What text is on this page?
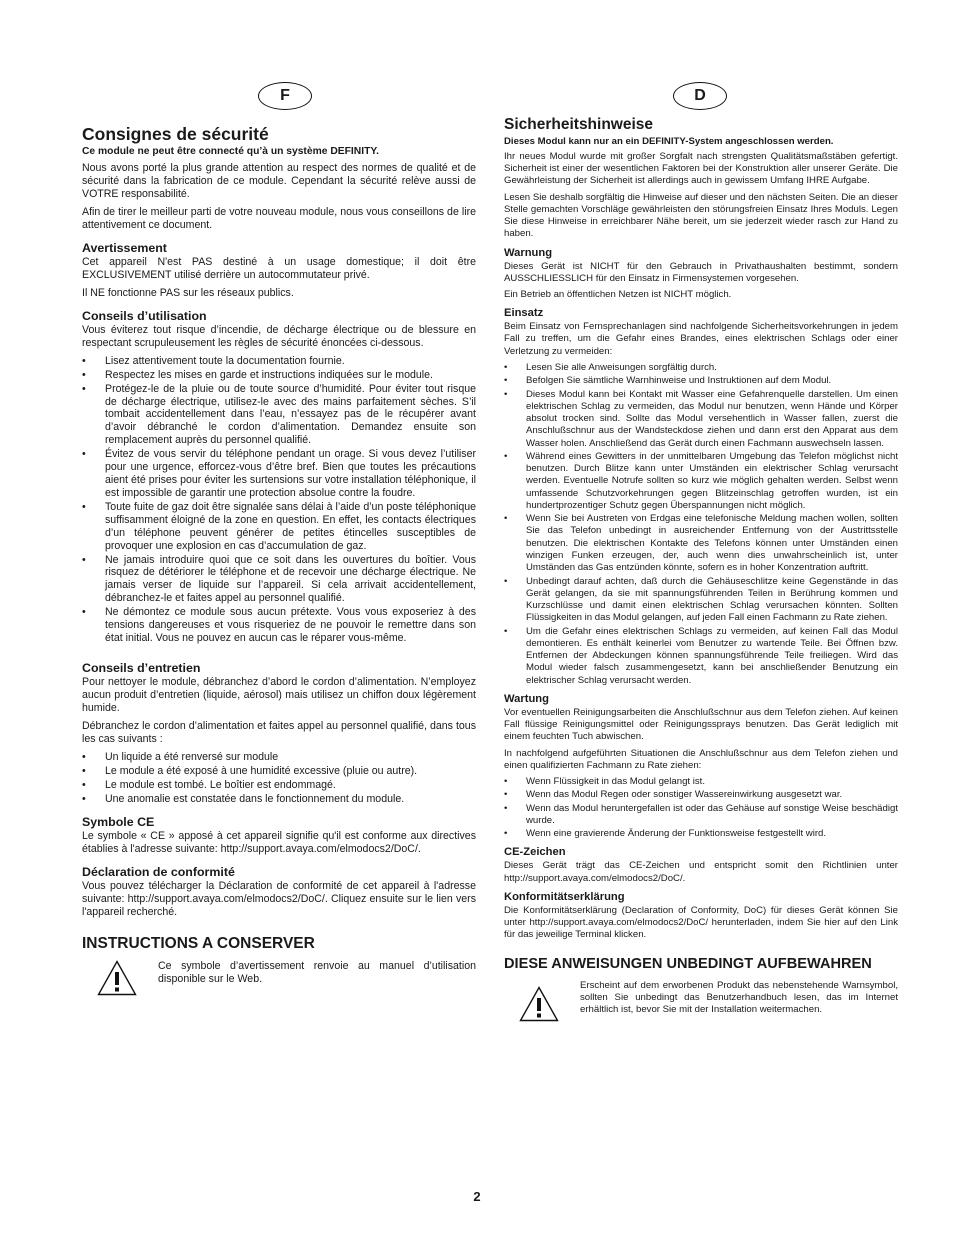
F
Consignes de sécurité
Ce module ne peut être connecté qu’à un système DEFINITY.

Nous avons porté la plus grande attention au respect des normes de qualité et de sécurité dans la fabrication de ce module. Cependant la sécurité relève aussi de VOTRE responsabilité.

Afin de tirer le meilleur parti de votre nouveau module, nous vous conseillons de lire attentivement ce document.

Avertissement

Cet appareil N'est PAS destiné à un usage domestique; il doit être EXCLUSIVEMENT utilisé derrière un autocommutateur privé.

Il NE fonctionne PAS sur les réseaux publics.

Conseils d’utilisation

Vous éviterez tout risque d’incendie, de décharge électrique ou de blessure en respectant scrupuleusement les règles de sécurité énoncées ci-dessous.

• Lisez attentivement toute la documentation fournie.
• Respectez les mises en garde et instructions indiquées sur le module.
• Protégez-le de la pluie ou de toute source d’humidité. Pour éviter tout risque de décharge électrique, utilisez-le avec des mains parfaitement sèches. S’il tombait accidentellement dans l’eau, n’essayez pas de le récupérer avant d’avoir débranché le cordon d’alimentation. Demandez ensuite son remplacement auprès du personnel qualifié.
• Évitez de vous servir du téléphone pendant un orage. Si vous devez l’utiliser pour une urgence, efforcez-vous d’être bref. Bien que toutes les précautions aient été prises pour éviter les surtensions sur votre installation téléphonique, il est impossible de garantir une protection absolue contre la foudre.
• Toute fuite de gaz doit être signalée sans délai à l’aide d’un poste téléphonique suffisamment éloigné de la zone en question. En effet, les contacts électriques d’un téléphone peuvent générer de petites étincelles susceptibles de provoquer une explosion en cas d’accumulation de gaz.
• Ne jamais introduire quoi que ce soit dans les ouvertures du boîtier. Vous risquez de détériorer le téléphone et de recevoir une décharge électrique. Ne jamais verser de liquide sur l’appareil. Si cela arrivait accidentellement, débranchez-le et faites appel au personnel qualifié.
• Ne démontez ce module sous aucun prétexte. Vous vous exposeriez à des tensions dangereuses et vous risqueriez de ne pouvoir le remettre dans son état initial. Vous ne pouvez en aucun cas le réparer vous-même.
Conseils d’entretien

Pour nettoyer le module, débranchez d’abord le cordon d’alimentation. N’employez aucun produit d’entretien (liquide, aérosol) mais utilisez un chiffon doux légèrement humide.

Débranchez le cordon d’alimentation et faites appel au personnel qualifié, dans tous les cas suivants :

• Un liquide a été renversé sur module
• Le module a été exposé à une humidité excessive (pluie ou autre).
• Le module est tombé. Le boîtier est endommagé.
• Une anomalie est constatée dans le fonctionnement du module.
Symbole CE

Le symbole « CE » apposé à cet appareil signifie qu'il est conforme aux directives établies à l'adresse suivante: http://support.avaya.com/elmodocs2/DoC/.

Déclaration de conformité

Vous pouvez télécharger la Déclaration de conformité de cet appareil à l'adresse suivante: http://support.avaya.com/elmodocs2/DoC/. Cliquez ensuite sur le lien vers l'appareil recherché.

INSTRUCTIONS A CONSERVER
Ce symbole d’avertissement renvoie au manuel d’utilisation disponible sur le Web.
D
Sicherheitshinweise
Dieses Modul kann nur an ein DEFINITY-System angeschlossen werden.

Ihr neues Modul wurde mit großer Sorgfalt nach strengsten Qualitätsmaßstäben gefertigt. Sicherheit ist einer der wesentlichen Faktoren bei der Konstruktion aller unserer Geräte. Die Gewährleistung der Sicherheit ist allerdings auch in gewissem Umfang IHRE Aufgabe.

Lesen Sie deshalb sorgfältig die Hinweise auf dieser und den nächsten Seiten. Die an dieser Stelle gemachten Vorschläge gewährleisten den störungsfreien Einsatz Ihres Moduls. Legen Sie diese Hinweise in erreichbarer Nähe bereit, um sie jederzeit wieder rasch zur Hand zu haben.

Warnung

Dieses Gerät ist NICHT für den Gebrauch in Privathaushalten bestimmt, sondern AUSSCHLIESSLICH für den Einsatz in Firmensystemen vorgesehen.

Ein Betrieb an öffentlichen Netzen ist NICHT möglich.

Einsatz

Beim Einsatz von Fernsprechanlagen sind nachfolgende Sicherheitsvorkehrungen in jedem Fall zu treffen, um die Gefahr eines Brandes, eines elektrischen Schlags oder einer Verletzung zu vermeiden:

• Lesen Sie alle Anweisungen sorgfältig durch.
• Befolgen Sie sämtliche Warnhinweise und Instruktionen auf dem Modul.
• Dieses Modul kann bei Kontakt mit Wasser eine Gefahrenquelle darstellen. Um einen elektrischen Schlag zu vermeiden, das Modul nur benutzen, wenn Hände und Körper absolut trocken sind. Sollte das Modul versehentlich in Wasser fallen, zuerst die Anschlußschnur aus der Wandsteckdose ziehen und dann erst den Apparat aus dem Wasser holen. Anschließend das Gerät durch einen Fachmann auswechseln lassen.
• Während eines Gewitters in der unmittelbaren Umgebung das Telefon möglichst nicht benutzen. Durch Blitze kann unter Umständen ein elektrischer Schlag verursacht werden. Eventuelle Notrufe sollten so kurz wie möglich gehalten werden. Selbst wenn umfassende Schutzvorkehrungen gegen Blitzeinschlag getroffen wurden, ist ein hundertprozentiger Schutz gegen Überspannungen nicht möglich.
• Wenn Sie bei Austreten von Erdgas eine telefonische Meldung machen wollen, sollten Sie das Telefon unbedingt in ausreichender Entfernung von der Austrittsstelle benutzen. Die elektrischen Kontakte des Telefons können unter Umständen einen winzigen Funken erzeugen, der, auch wenn dies unwahrscheinlich ist, unter Umständen das Gas entzünden könnte, sofern es in hoher Konzentration auftritt.
• Unbedingt darauf achten, daß durch die Gehäuseschlitze keine Gegenstände in das Gerät gelangen, da sie mit spannungsführenden Teilen in Berührung kommen und Kurzschlüsse und damit einen elektrischen Schlag verursachen könnten. Sollten Flüssigkeiten in das Modul gelangen, auf jeden Fall einen Fachmann zu Rate ziehen.
• Um die Gefahr eines elektrischen Schlags zu vermeiden, auf keinen Fall das Modul demontieren. Es enthält keinerlei vom Benutzer zu wartende Teile. Bei Öffnen bzw. Entfernen der Abdeckungen können spannungsführende Teile freiliegen. Wird das Modul wieder falsch zusammengesetzt, kann bei anschließender Benutzung ein elektrischer Schlag verursacht werden.
Wartung

Vor eventuellen Reinigungsarbeiten die Anschlußschnur aus dem Telefon ziehen. Auf keinen Fall flüssige Reinigungsmittel oder Reinigungssprays benutzen. Das Gerät lediglich mit einem feuchten Tuch abwischen.

In nachfolgend aufgeführten Situationen die Anschlußschnur aus dem Telefon ziehen und einen qualifizierten Fachmann zu Rate ziehen:

• Wenn Flüssigkeit in das Modul gelangt ist.
• Wenn das Modul Regen oder sonstiger Wassereinwirkung ausgesetzt war.
• Wenn das Modul heruntergefallen ist oder das Gehäuse auf sonstige Weise beschädigt wurde.
• Wenn eine gravierende Änderung der Funktionsweise festgestellt wird.
CE-Zeichen

Dieses Gerät trägt das CE-Zeichen und entspricht somit den Richtlinien unter http://support.avaya.com/elmodocs2/DoC/.

Konformitätserklärung

Die Konformitätserklärung (Declaration of Conformity, DoC) für dieses Gerät können Sie unter http://support.avaya.com/elmodocs2/DoC/ herunterladen, indem Sie hier auf den Link für das jeweilige Terminal klicken.

DIESE ANWEISUNGEN UNBEDINGT AUFBEWAHREN
Erscheint auf dem erworbenen Produkt das nebenstehende Warnsymbol, sollten Sie unbedingt das Benutzerhandbuch lesen, das im Internet erhältlich ist, bevor Sie mit der Installation weitermachen.
2
